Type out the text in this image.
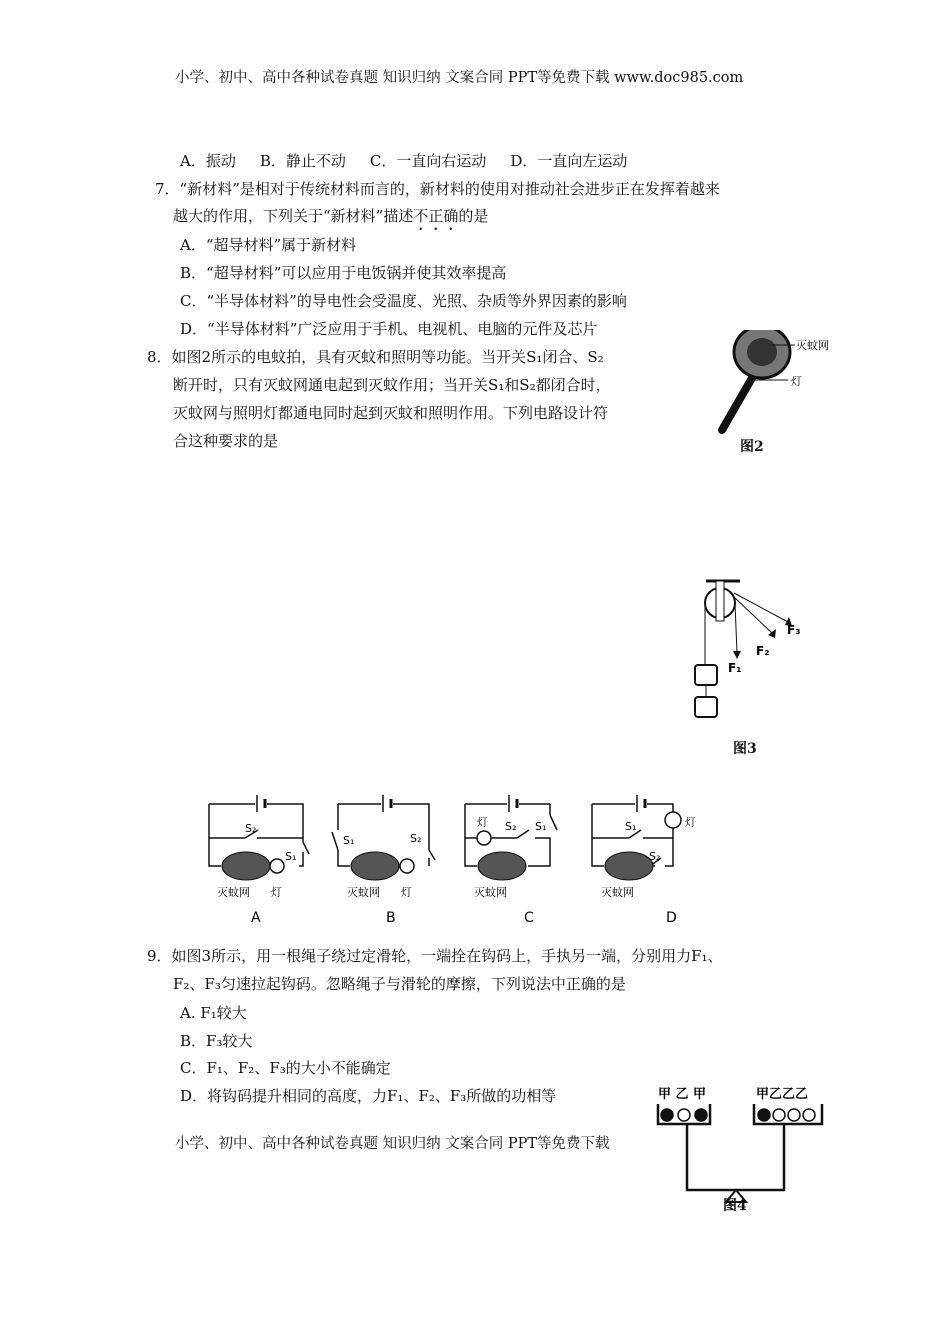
小学、初中、高中各种试卷真题 知识归纳 文案合同 PPT等免费下载 www.doc985.com
A．振动 B．静止不动 C．一直向右运动 D．一直向左运动
7．“新材料”是相对于传统材料而言的，新材料的使用对推动社会进步正在发挥着越来
越大的作用，下列关于“新材料”描述不正确的是
A．“超导材料”属于新材料
B．“超导材料”可以应用于电饭锅并使其效率提高
C．“半导体材料”的导电性会受温度、光照、杂质等外界因素的影响
D．“半导体材料”广泛应用于手机、电视机、电脑的元件及芯片
8．如图2所示的电蚊拍，具有灭蚊和照明等功能。当开关S₁闭合、S₂
断开时，只有灭蚊网通电起到灭蚊作用；当开关S₁和S₂都闭合时，
灭蚊网与照明灯都通电同时起到灭蚊和照明作用。下列电路设计符
合这种要求的是
灭蚊网
灯
图2
F₃
F₂
F₁
图3
灭蚊网 灯
S₂
S₁
灭蚊网 灯
S₁	S₂
灭蚊网
灯 S₂ S₁
灭蚊网
灯
S₁
S₂
A	B	C	D
9．如图3所示，用一根绳子绕过定滑轮，一端拴在钩码上，手执另一端，分别用力F₁、
F₂、F₃匀速拉起钩码。忽略绳子与滑轮的摩擦，下列说法中正确的是
A. F₁较大
B．F₃较大
C．F₁、F₂、F₃的大小不能确定
D．将钩码提升相同的高度，力F₁、F₂、F₃所做的功相等
小学、初中、高中各种试卷真题 知识归纳 文案合同 PPT等免费下载
甲 乙 甲	甲乙乙乙
图4
